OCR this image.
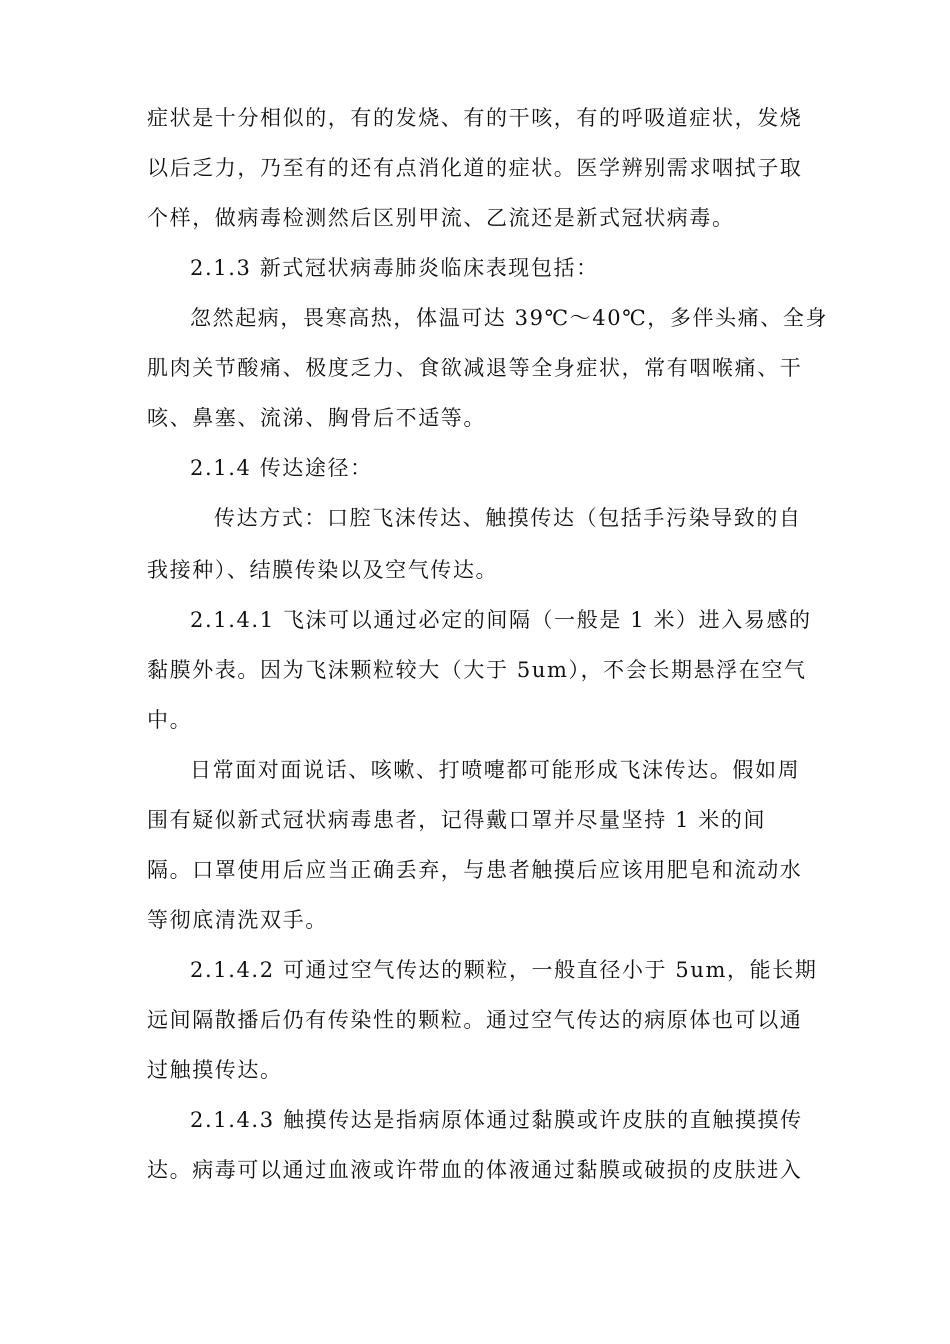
症状是十分相似的，有的发烧、有的干咳，有的呼吸道症状，发烧
以后乏力，乃至有的还有点消化道的症状。医学辨别需求咽拭子取
个样，做病毒检测然后区别甲流、乙流还是新式冠状病毒。
2.1.3 新式冠状病毒肺炎临床表现包括：
忽然起病，畏寒高热，体温可达 39℃～40℃，多伴头痛、全身
肌肉关节酸痛、极度乏力、食欲减退等全身症状，常有咽喉痛、干
咳、鼻塞、流涕、胸骨后不适等。
2.1.4 传达途径：
传达方式：口腔飞沫传达、触摸传达（包括手污染导致的自
我接种）、结膜传染以及空气传达。
2.1.4.1 飞沫可以通过必定的间隔（一般是 1 米）进入易感的
黏膜外表。因为飞沫颗粒较大（大于 5um），不会长期悬浮在空气
中。
日常面对面说话、咳嗽、打喷嚏都可能形成飞沫传达。假如周
围有疑似新式冠状病毒患者，记得戴口罩并尽量坚持 1 米的间
隔。口罩使用后应当正确丢弃，与患者触摸后应该用肥皂和流动水
等彻底清洗双手。
2.1.4.2 可通过空气传达的颗粒，一般直径小于 5um，能长期
远间隔散播后仍有传染性的颗粒。通过空气传达的病原体也可以通
过触摸传达。
2.1.4.3 触摸传达是指病原体通过黏膜或许皮肤的直触摸摸传
达。病毒可以通过血液或许带血的体液通过黏膜或破损的皮肤进入
